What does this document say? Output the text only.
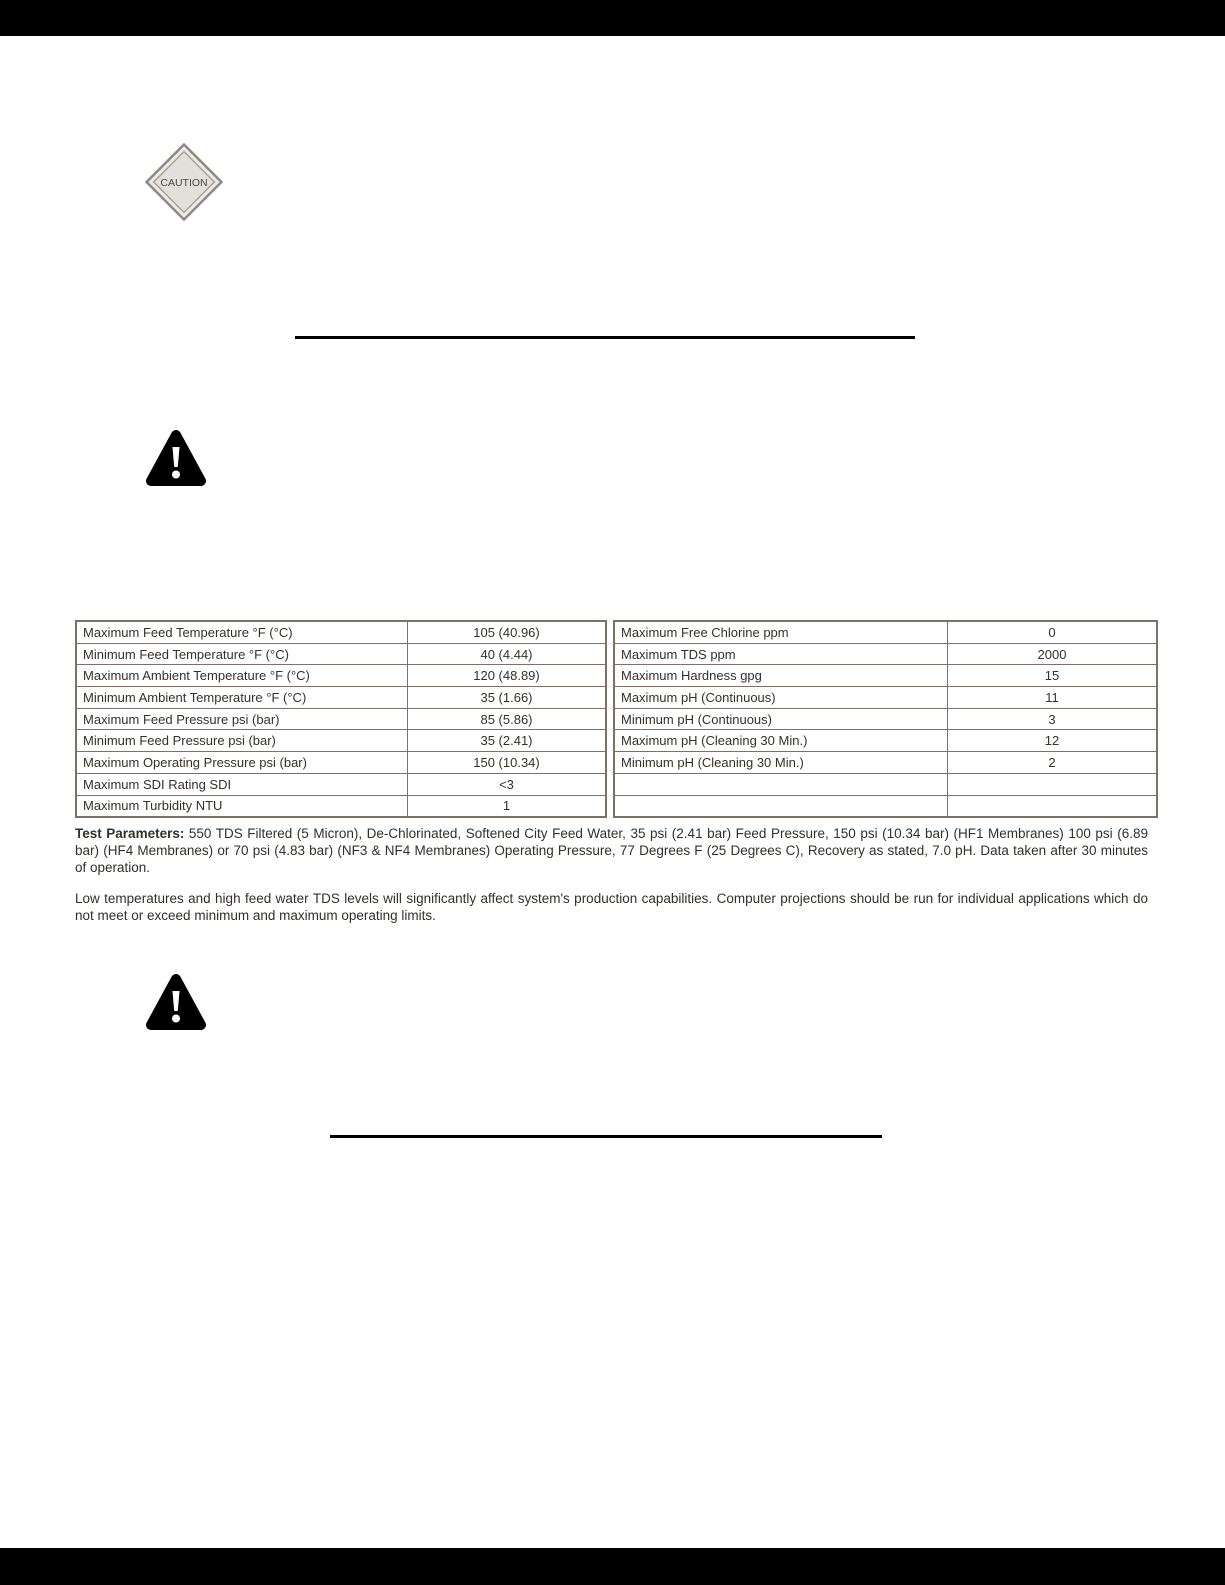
CAUTION
Maximum Feed Temperature °F (°C)	105 (40.96)
Minimum Feed Temperature °F (°C)	40 (4.44)
Maximum Ambient Temperature °F (°C)	120 (48.89)
Minimum Ambient Temperature °F (°C)	35 (1.66)
Maximum Feed Pressure psi (bar)	85 (5.86)
Minimum Feed Pressure psi (bar)	35 (2.41)
Maximum Operating Pressure psi (bar)	150 (10.34)
Maximum SDI Rating SDI	<3
Maximum Turbidity NTU	1
Maximum Free Chlorine ppm	0
Maximum TDS ppm	2000
Maximum Hardness gpg	15
Maximum pH (Continuous)	11
Minimum pH (Continuous)	3
Maximum pH (Cleaning 30 Min.)	12
Minimum pH (Cleaning 30 Min.)	2

Test Parameters: 550 TDS Filtered (5 Micron), De-Chlorinated, Softened City Feed Water, 35 psi (2.41 bar) Feed Pressure, 150 psi (10.34 bar) (HF1 Membranes) 100 psi (6.89 bar) (HF4 Membranes) or 70 psi (4.83 bar) (NF3 & NF4 Membranes) Operating Pressure, 77 Degrees F (25 Degrees C), Recovery as stated, 7.0 pH. Data taken after 30 minutes of operation.

Low temperatures and high feed water TDS levels will significantly affect system's production capabilities. Computer projections should be run for individual applications which do not meet or exceed minimum and maximum operating limits.
